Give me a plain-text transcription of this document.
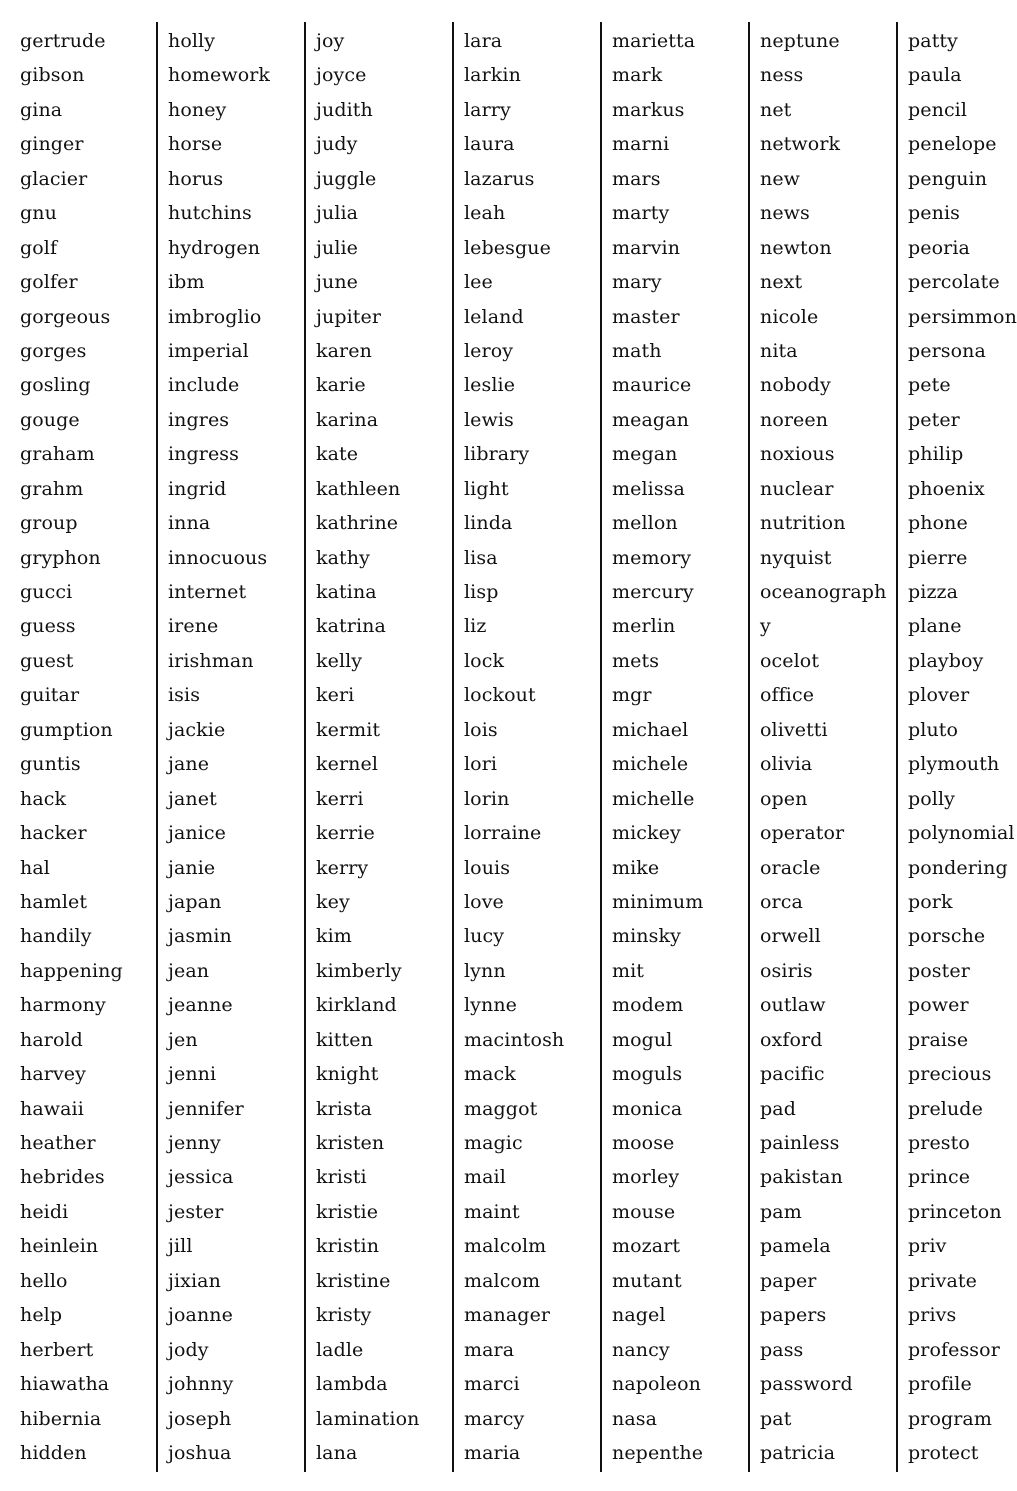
gertrude
gibson
gina
ginger
glacier
gnu
golf
golfer
gorgeous
gorges
gosling
gouge
graham
grahm
group
gryphon
gucci
guess
guest
guitar
gumption
guntis
hack
hacker
hal
hamlet
handily
happening
harmony
harold
harvey
hawaii
heather
hebrides
heidi
heinlein
hello
help
herbert
hiawatha
hibernia
hidden
holly
homework
honey
horse
horus
hutchins
hydrogen
ibm
imbroglio
imperial
include
ingres
ingress
ingrid
inna
innocuous
internet
irene
irishman
isis
jackie
jane
janet
janice
janie
japan
jasmin
jean
jeanne
jen
jenni
jennifer
jenny
jessica
jester
jill
jixian
joanne
jody
johnny
joseph
joshua
joy
joyce
judith
judy
juggle
julia
julie
june
jupiter
karen
karie
karina
kate
kathleen
kathrine
kathy
katina
katrina
kelly
keri
kermit
kernel
kerri
kerrie
kerry
key
kim
kimberly
kirkland
kitten
knight
krista
kristen
kristi
kristie
kristin
kristine
kristy
ladle
lambda
lamination
lana
lara
larkin
larry
laura
lazarus
leah
lebesgue
lee
leland
leroy
leslie
lewis
library
light
linda
lisa
lisp
liz
lock
lockout
lois
lori
lorin
lorraine
louis
love
lucy
lynn
lynne
macintosh
mack
maggot
magic
mail
maint
malcolm
malcom
manager
mara
marci
marcy
maria
marietta
mark
markus
marni
mars
marty
marvin
mary
master
math
maurice
meagan
megan
melissa
mellon
memory
mercury
merlin
mets
mgr
michael
michele
michelle
mickey
mike
minimum
minsky
mit
modem
mogul
moguls
monica
moose
morley
mouse
mozart
mutant
nagel
nancy
napoleon
nasa
nepenthe
neptune
ness
net
network
new
news
newton
next
nicole
nita
nobody
noreen
noxious
nuclear
nutrition
nyquist
oceanograph
y
ocelot
office
olivetti
olivia
open
operator
oracle
orca
orwell
osiris
outlaw
oxford
pacific
pad
painless
pakistan
pam
pamela
paper
papers
pass
password
pat
patricia
patty
paula
pencil
penelope
penguin
penis
peoria
percolate
persimmon
persona
pete
peter
philip
phoenix
phone
pierre
pizza
plane
playboy
plover
pluto
plymouth
polly
polynomial
pondering
pork
porsche
poster
power
praise
precious
prelude
presto
prince
princeton
priv
private
privs
professor
profile
program
protect
